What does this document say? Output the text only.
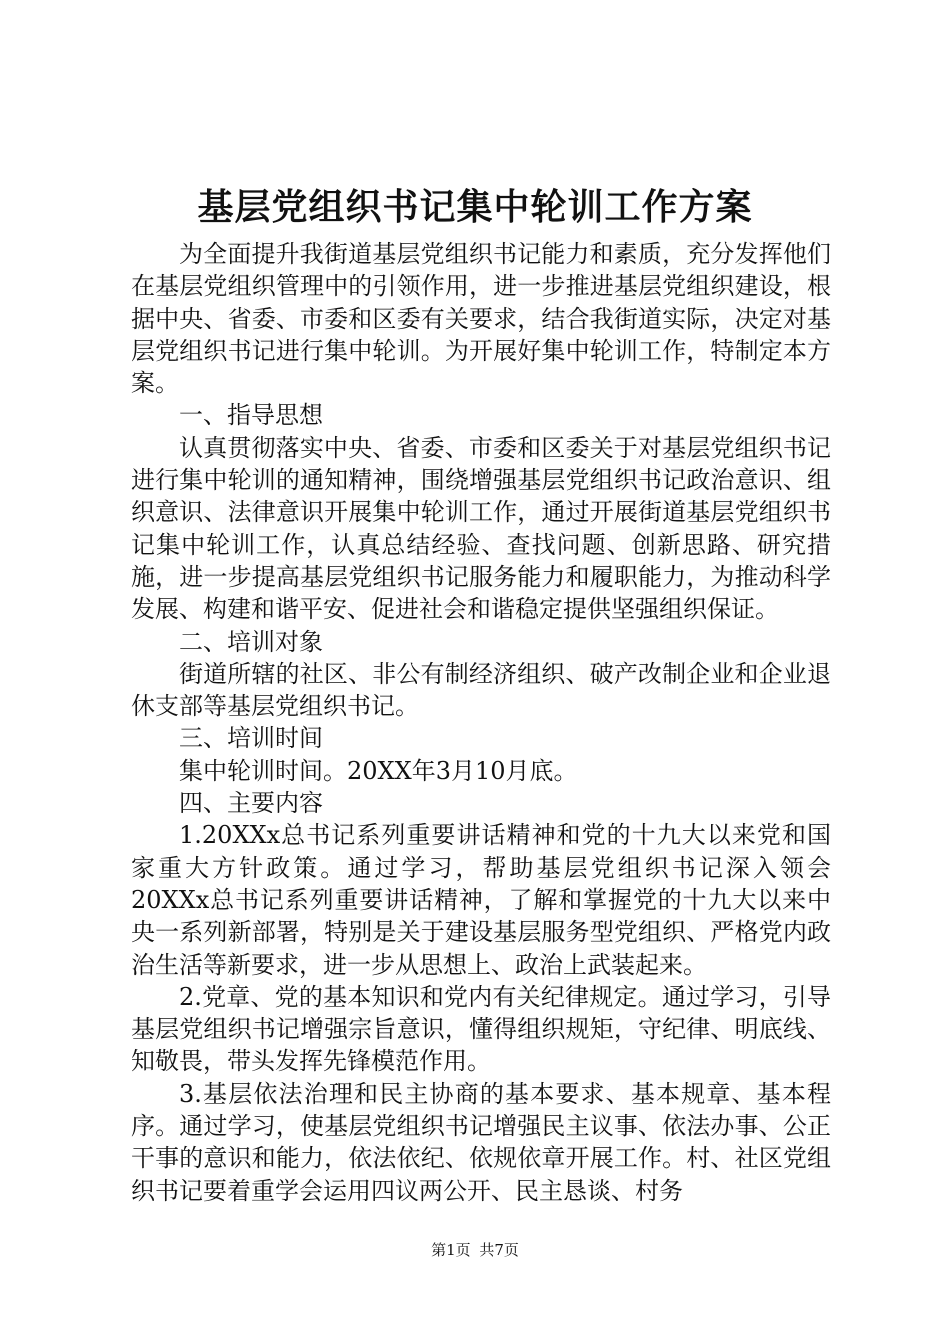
基层党组织书记集中轮训工作方案

为全面提升我街道基层党组织书记能力和素质，充分发挥他们在基层党组织管理中的引领作用，进一步推进基层党组织建设，根据中央、省委、市委和区委有关要求，结合我街道实际，决定对基层党组织书记进行集中轮训。为开展好集中轮训工作，特制定本方案。

一、指导思想

认真贯彻落实中央、省委、市委和区委关于对基层党组织书记进行集中轮训的通知精神，围绕增强基层党组织书记政治意识、组织意识、法律意识开展集中轮训工作，通过开展街道基层党组织书记集中轮训工作，认真总结经验、查找问题、创新思路、研究措施，进一步提高基层党组织书记服务能力和履职能力，为推动科学发展、构建和谐平安、促进社会和谐稳定提供坚强组织保证。

二、培训对象

街道所辖的社区、非公有制经济组织、破产改制企业和企业退休支部等基层党组织书记。

三、培训时间

集中轮训时间。20XX年3月10月底。

四、主要内容

1.20XXx总书记系列重要讲话精神和党的十九大以来党和国家重大方针政策。通过学习，帮助基层党组织书记深入领会20XXx总书记系列重要讲话精神，了解和掌握党的十九大以来中央一系列新部署，特别是关于建设基层服务型党组织、严格党内政治生活等新要求，进一步从思想上、政治上武装起来。

2.党章、党的基本知识和党内有关纪律规定。通过学习，引导基层党组织书记增强宗旨意识，懂得组织规矩，守纪律、明底线、知敬畏，带头发挥先锋模范作用。

3.基层依法治理和民主协商的基本要求、基本规章、基本程序。通过学习，使基层党组织书记增强民主议事、依法办事、公正干事的意识和能力，依法依纪、依规依章开展工作。村、社区党组织书记要着重学会运用四议两公开、民主恳谈、村务

第1页 共7页
